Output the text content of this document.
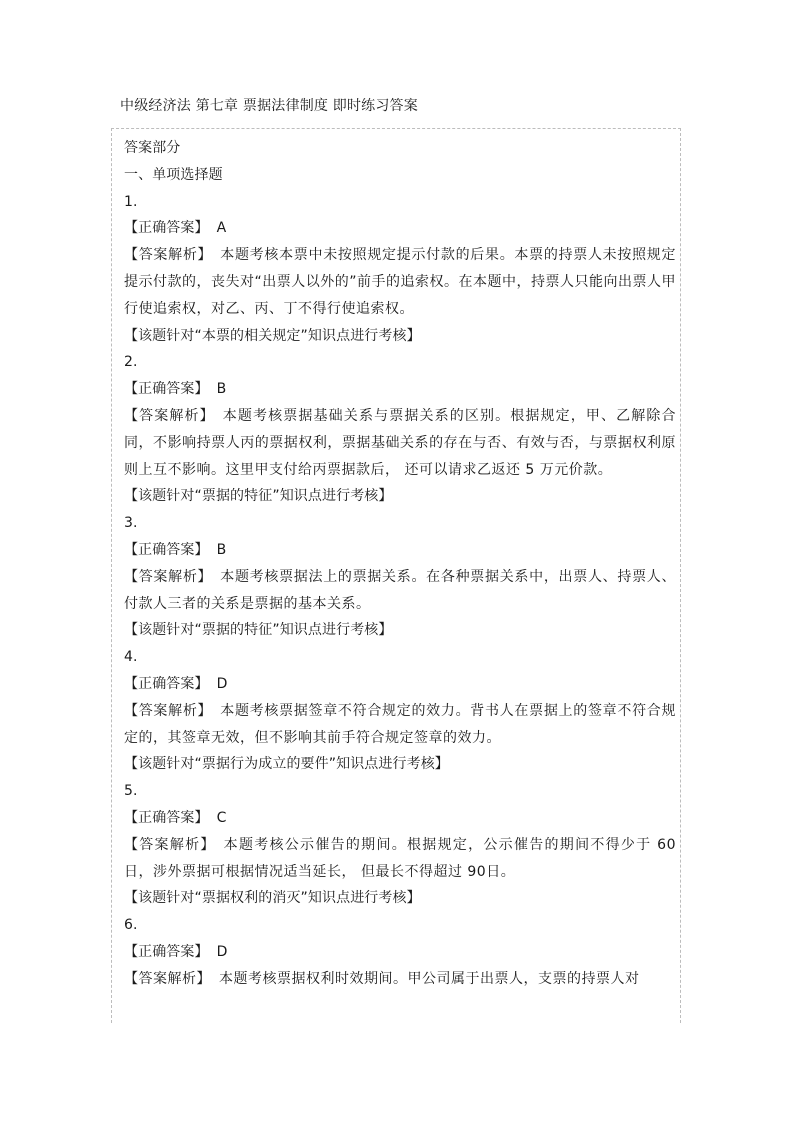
中级经济法 第七章 票据法律制度 即时练习答案
答案部分
一、单项选择题
1.
【正确答案】 A
【答案解析】 本题考核本票中未按照规定提示付款的后果。本票的持票人未按照规定提示付款的，丧失对“出票人以外的”前手的追索权。在本题中，持票人只能向出票人甲行使追索权，对乙、丙、丁不得行使追索权。
【该题针对“本票的相关规定”知识点进行考核】
2.
【正确答案】 B
【答案解析】 本题考核票据基础关系与票据关系的区别。根据规定，甲、乙解除合同，不影响持票人丙的票据权利，票据基础关系的存在与否、有效与否，与票据权利原则上互不影响。这里甲支付给丙票据款后， 还可以请求乙返还 5 万元价款。
【该题针对“票据的特征”知识点进行考核】
3.
【正确答案】 B
【答案解析】 本题考核票据法上的票据关系。在各种票据关系中，出票人、持票人、付款人三者的关系是票据的基本关系。
【该题针对“票据的特征”知识点进行考核】
4.
【正确答案】 D
【答案解析】 本题考核票据签章不符合规定的效力。背书人在票据上的签章不符合规定的，其签章无效，但不影响其前手符合规定签章的效力。
【该题针对“票据行为成立的要件”知识点进行考核】
5.
【正确答案】 C
【答案解析】 本题考核公示催告的期间。根据规定，公示催告的期间不得少于 60日，涉外票据可根据情况适当延长， 但最长不得超过 90日。
【该题针对“票据权利的消灭”知识点进行考核】
6.
【正确答案】 D
【答案解析】 本题考核票据权利时效期间。甲公司属于出票人，支票的持票人对
